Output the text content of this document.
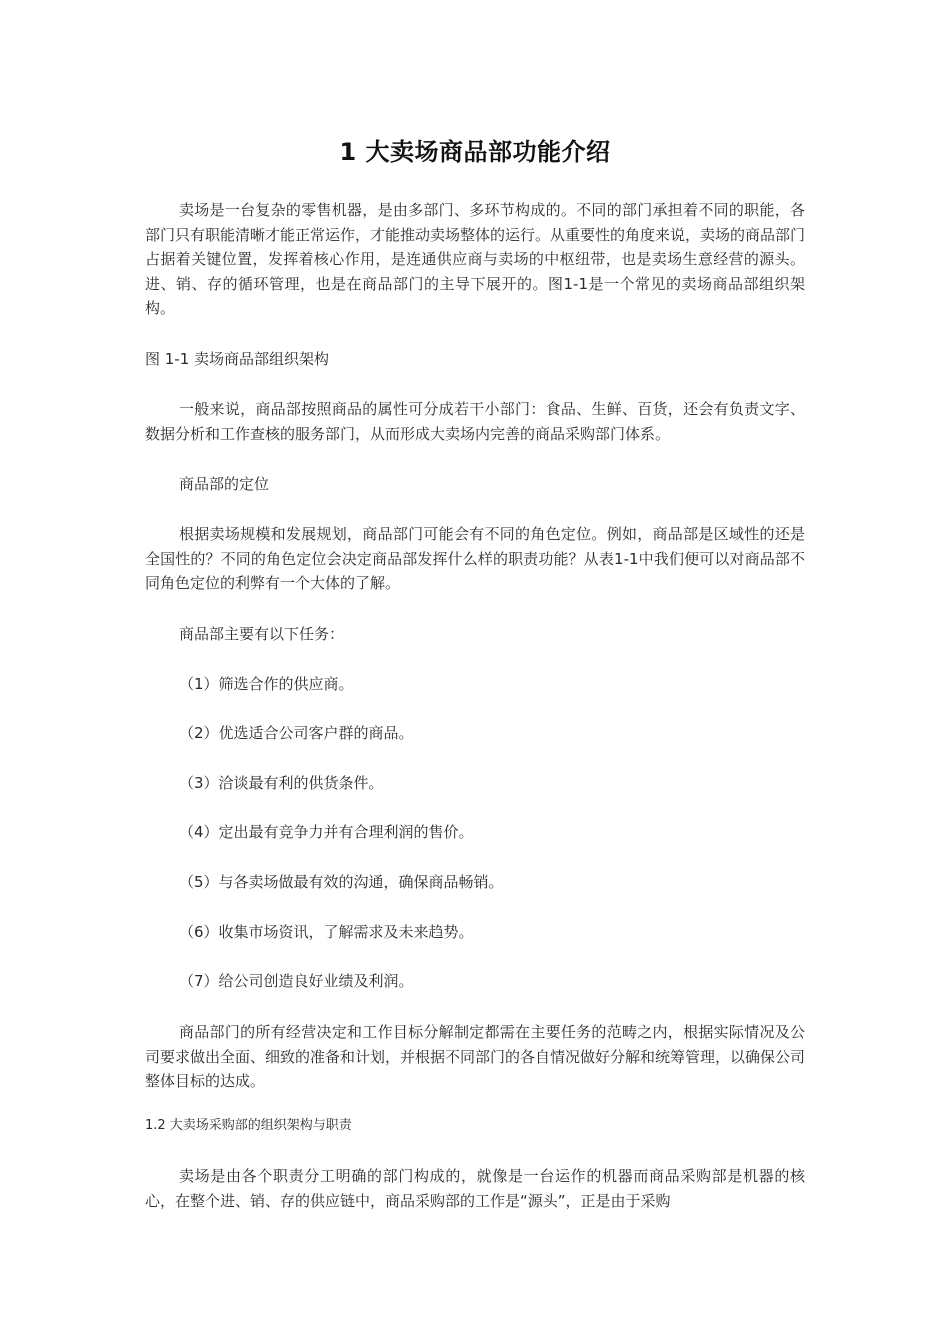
1 大卖场商品部功能介绍

卖场是一台复杂的零售机器，是由多部门、多环节构成的。不同的部门承担着不同的职能，各部门只有职能清晰才能正常运作，才能推动卖场整体的运行。从重要性的角度来说，卖场的商品部门占据着关键位置，发挥着核心作用，是连通供应商与卖场的中枢纽带，也是卖场生意经营的源头。进、销、存的循环管理，也是在商品部门的主导下展开的。图1-1是一个常见的卖场商品部组织架构。

图 1-1 卖场商品部组织架构

一般来说，商品部按照商品的属性可分成若干小部门：食品、生鲜、百货，还会有负责文字、数据分析和工作查核的服务部门，从而形成大卖场内完善的商品采购部门体系。

商品部的定位

根据卖场规模和发展规划，商品部门可能会有不同的角色定位。例如，商品部是区域性的还是全国性的？不同的角色定位会决定商品部发挥什么样的职责功能？从表1-1中我们便可以对商品部不同角色定位的利弊有一个大体的了解。

商品部主要有以下任务：

（1）筛选合作的供应商。

（2）优选适合公司客户群的商品。

（3）洽谈最有利的供货条件。

（4）定出最有竞争力并有合理利润的售价。

（5）与各卖场做最有效的沟通，确保商品畅销。

（6）收集市场资讯，了解需求及未来趋势。

（7）给公司创造良好业绩及利润。

商品部门的所有经营决定和工作目标分解制定都需在主要任务的范畴之内，根据实际情况及公司要求做出全面、细致的准备和计划，并根据不同部门的各自情况做好分解和统筹管理，以确保公司整体目标的达成。

1.2 大卖场采购部的组织架构与职责

卖场是由各个职责分工明确的部门构成的，就像是一台运作的机器而商品采购部是机器的核心，在整个进、销、存的供应链中，商品采购部的工作是“源头”，正是由于采购
